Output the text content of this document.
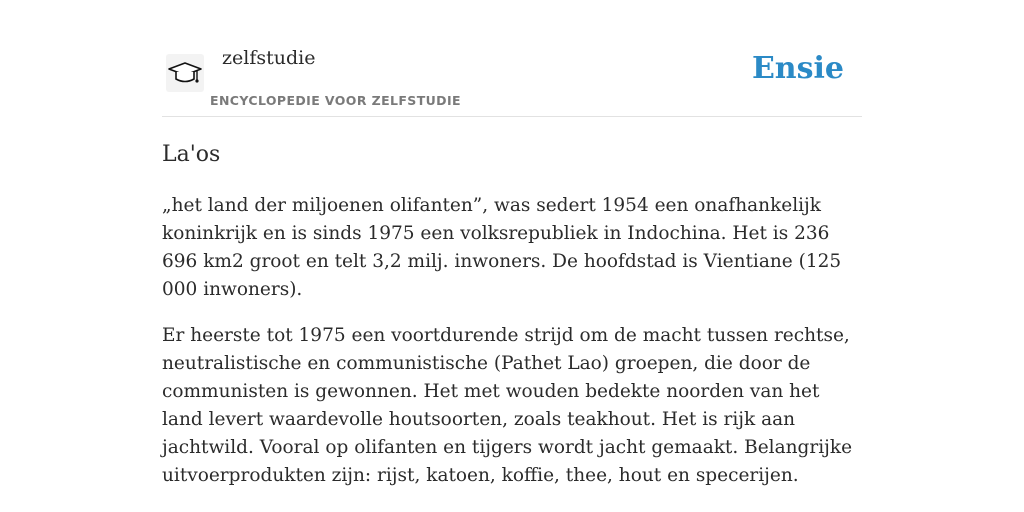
zelfstudie
ENCYCLOPEDIE VOOR ZELFSTUDIE
Ensie
La'os

„het land der miljoenen olifanten”, was sedert 1954 een onafhankelijk koninkrijk en is sinds 1975 een volksrepubliek in Indochina. Het is 236 696 km2 groot en telt 3,2 milj. inwoners. De hoofdstad is Vientiane (125 000 inwoners).

Er heerste tot 1975 een voortdurende strijd om de macht tussen rechtse, neutralistische en communistische (Pathet Lao) groepen, die door de communisten is gewonnen. Het met wouden bedekte noorden van het land levert waardevolle houtsoorten, zoals teakhout. Het is rijk aan jachtwild. Vooral op olifanten en tijgers wordt jacht gemaakt. Belangrijke uitvoerprodukten zijn: rijst, katoen, koffie, thee, hout en specerijen.
